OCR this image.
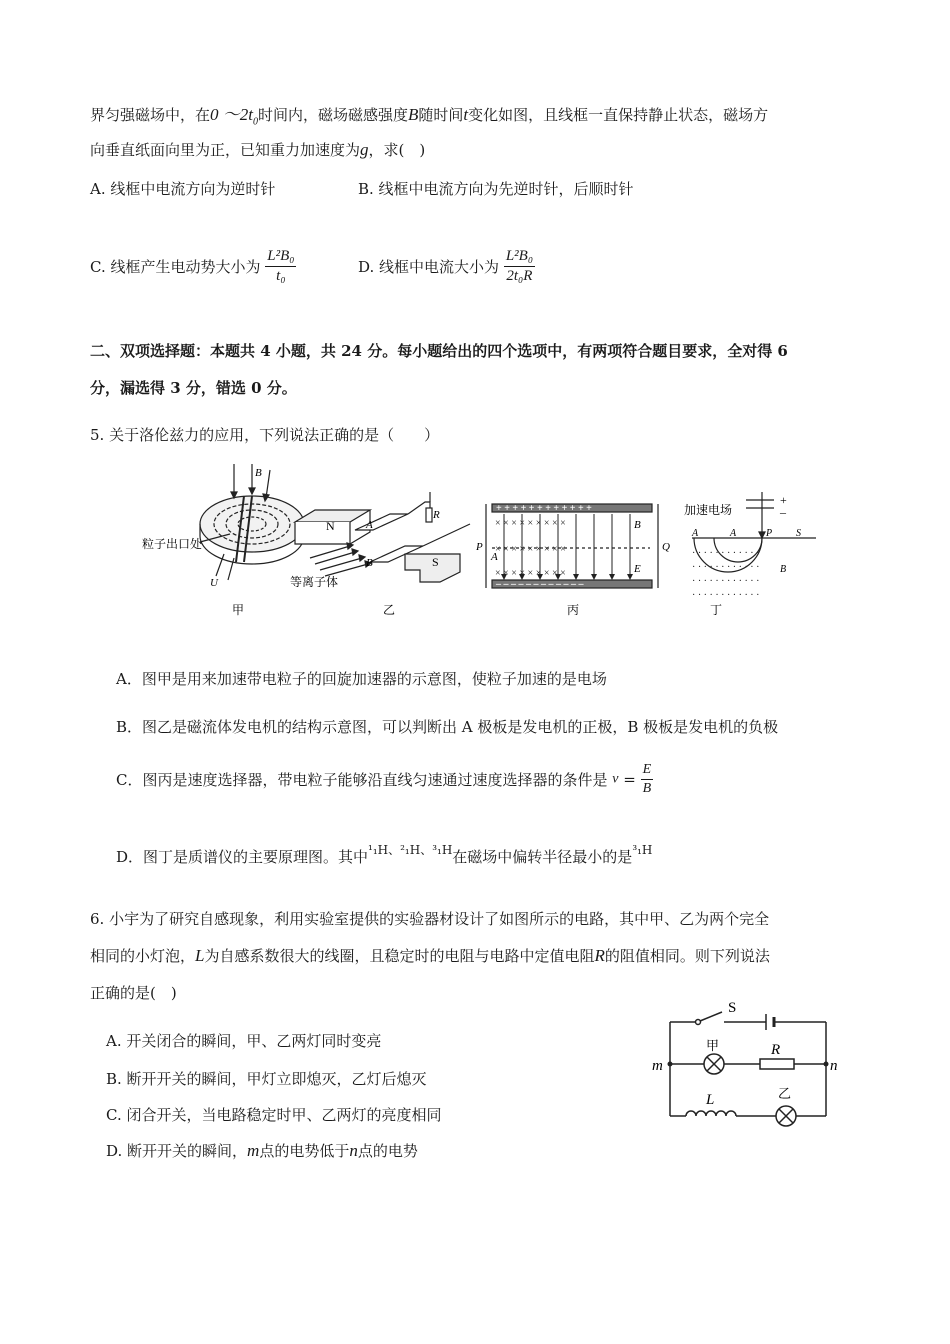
界匀强磁场中，在0 $\sim 2t_0$时间内，磁场磁感强度B随时间t变化如图，且线框一直保持静止状态，磁场方
向垂直纸面向里为正，已知重力加速度为g，求(　)
A. 线框中电流方向为逆时针	B. 线框中电流方向为先逆时针，后顺时针
C. 线框产生电动势大小为 $\frac{\text{L²B₀}}{\text{t₀}}$	D. 线框中电流大小为 $\frac{\text{L²B₀}}{\text{2t₀R}}$
二、双项选择题：本题共 4 小题，共 24 分。每小题给出的四个选项中，有两项符合题目要求，全对得 6
分，漏选得 3 分，错选 0 分。
5. 关于洛伦兹力的应用，下列说法正确的是（　　）
B
粒子出口处
U
N	A
R
S
B
等离子体
× × × × × × × × ×
× × × × × × × × ×
× × × × × × × × ×
+ + + + + + + + + + + +
– – – – – – – – – – – –
P	Q
B
A
E
· · · · · · · · · · · ·
· · · · · · · · · · · ·
· · · · · · · · · · · ·
· · · · · · · · · · · ·
加速电场
+
–
A	A	P S
B
甲	乙	丙	丁
A．图甲是用来加速带电粒子的回旋加速器的示意图，使粒子加速的是电场
B．图乙是磁流体发电机的结构示意图，可以判断出 A 极板是发电机的正极，B 极板是发电机的负极
C．图丙是速度选择器，带电粒子能够沿直线匀速通过速度选择器的条件是 $v = \frac{E}{B}$
D．图丁是质谱仪的主要原理图。其中$^{^1_1H、^2_1H、^3_1H}$在磁场中偏转半径最小的是$^{^3_1H}$
6. 小宇为了研究自感现象，利用实验室提供的实验器材设计了如图所示的电路，其中甲、乙为两个完全
相同的小灯泡，L为自感系数很大的线圈，且稳定时的电阻与电路中定值电阻R的阻值相同。则下列说法
正确的是(　)
A. 开关闭合的瞬间，甲、乙两灯同时变亮
B. 断开开关的瞬间，甲灯立即熄灭，乙灯后熄灭
C. 闭合开关，当电路稳定时甲、乙两灯的亮度相同
D. 断开开关的瞬间，m点的电势低于n点的电势
S
甲	R
L	乙
m	n
